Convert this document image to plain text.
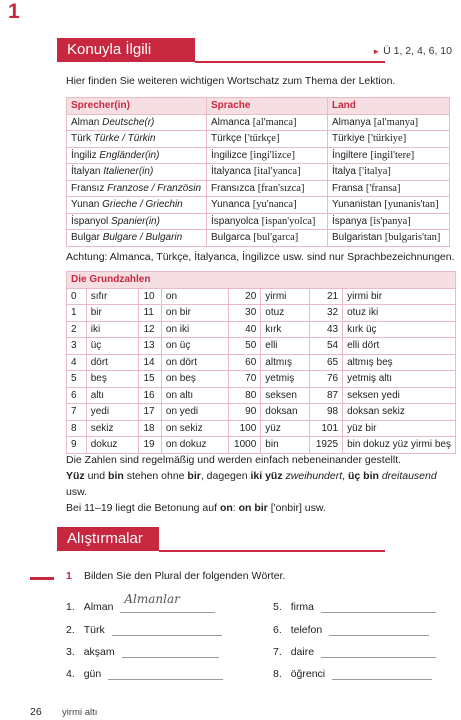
1
Konuyla İlgili	► Ü 1, 2, 4, 6, 10
Hier finden Sie weiteren wichtigen Wortschatz zum Thema der Lektion.
Sprecher(in)	Sprache	Land
Alman Deutsche(r)	Almanca [al'manca]	Almanya [al'manya]
Türk Türke / Türkin	Türkçe ['türkçe]	Türkiye ['türkiye]
İngiliz Engländer(in)	İngilizce [ingi'lizce]	İngiltere [ingil'tere]
İtalyan Italiener(in)	İtalyanca [ital'yanca]	İtalya ['italya]
Fransız Franzose / Französin	Fransızca [fran'sızca]	Fransa ['fransa]
Yunan Grieche / Griechin	Yunanca [yu'nanca]	Yunanistan [yunanis'tan]
İspanyol Spanier(in)	İspanyolca [ispan'yolca]	İspanya [is'panya]
Bulgar Bulgare / Bulgarin	Bulgarca [bul'garca]	Bulgaristan [bulgaris'tan]
Achtung: Almanca, Türkçe, İtalyanca, İngilizce usw. sind nur Sprachbezeichnungen.
Die Grundzahlen							
0	sıfır	10	on	20	yirmi	21	yirmi bir
1	bir	11	on bir	30	otuz	32	otuz iki
2	iki	12	on iki	40	kırk	43	kırk üç
3	üç	13	on üç	50	elli	54	elli dört
4	dört	14	on dört	60	altmış	65	altmış beş
5	beş	15	on beş	70	yetmiş	76	yetmiş altı
6	altı	16	on altı	80	seksen	87	seksen yedi
7	yedi	17	on yedi	90	doksan	98	doksan sekiz
8	sekiz	18	on sekiz	100	yüz	101	yüz bir
9	dokuz	19	on dokuz	1000	bin	1925	bin dokuz yüz yirmi beş
Die Zahlen sind regelmäßig und werden einfach nebeneinander gestellt.
Yüz und bin stehen ohne bir, dagegen iki yüz zweihundert, üç bin dreitausend usw.
Bei 11–19 liegt die Betonung auf on: on bir ['onbir] usw.
Alıştırmalar
1 Bilden Sie den Plural der folgenden Wörter.
1. Alman
Almanlar
2. Türk
3. akşam
4. gün
5. firma
6. telefon
7. daire
8. öğrenci
26 yirmi altı
